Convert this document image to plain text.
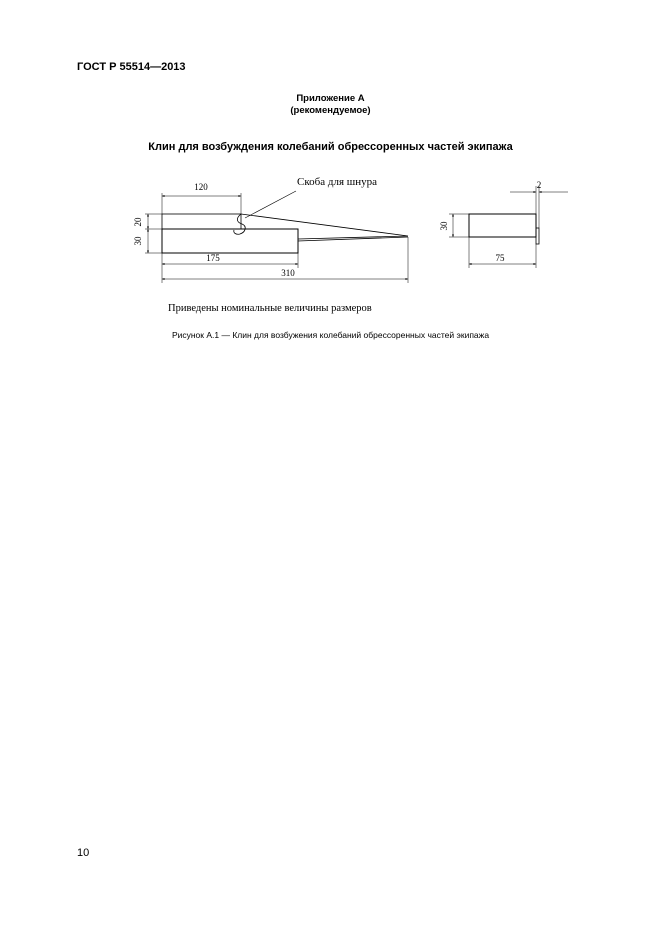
ГОСТ Р 55514—2013
Приложение А
(рекомендуемое)
Клин для возбуждения колебаний обрессоренных частей экипажа
120
20
30
175
310
30
75
2
Скоба для шнура
Приведены номинальные величины размеров
Рисунок А.1 — Клин для возбужения колебаний обрессоренных частей экипажа
10
